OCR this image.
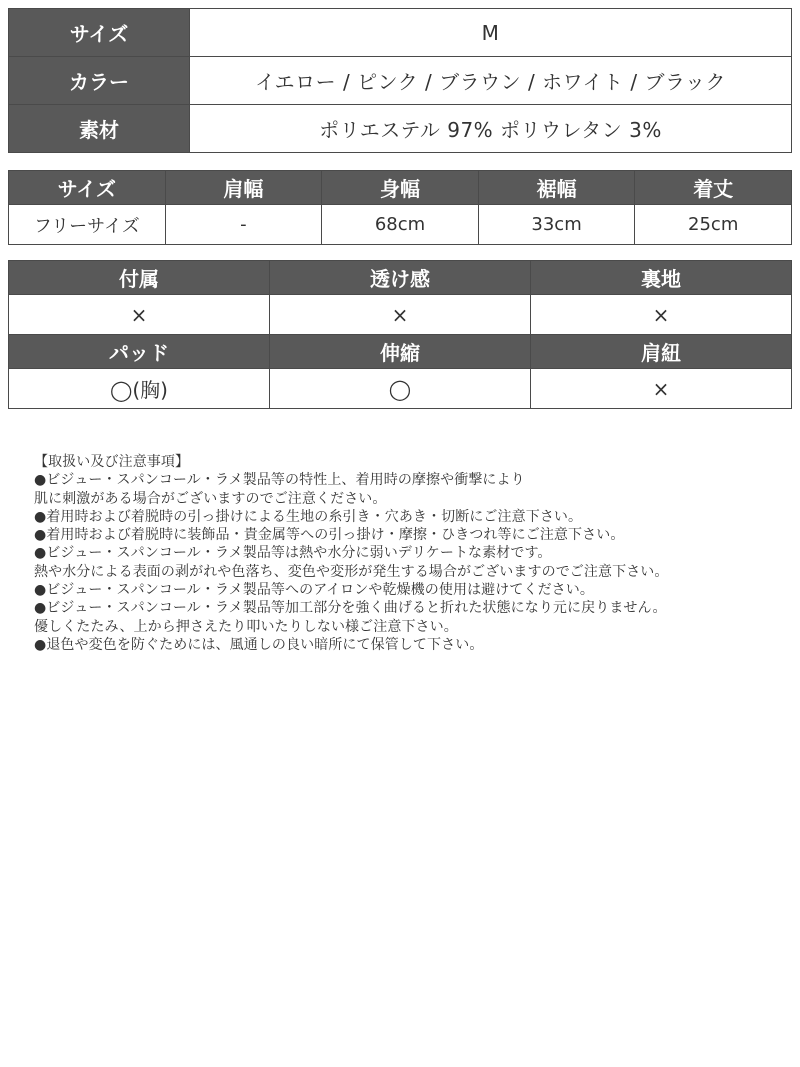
サイズ	M
カラー	イエロー / ピンク / ブラウン / ホワイト / ブラック
素材	ポリエステル 97% ポリウレタン 3%
サイズ	肩幅	身幅	裾幅	着丈
フリーサイズ	-	68cm	33cm	25cm
付属	透け感	裏地
×	×	×
パッド	伸縮	肩紐
◯(胸)	◯	×
【取扱い及び注意事項】
●ビジュー・スパンコール・ラメ製品等の特性上、着用時の摩擦や衝撃により
肌に刺激がある場合がございますのでご注意ください。
●着用時および着脱時の引っ掛けによる生地の糸引き・穴あき・切断にご注意下さい。
●着用時および着脱時に装飾品・貴金属等への引っ掛け・摩擦・ひきつれ等にご注意下さい。
●ビジュー・スパンコール・ラメ製品等は熱や水分に弱いデリケートな素材です。
熱や水分による表面の剥がれや色落ち、変色や変形が発生する場合がございますのでご注意下さい。
●ビジュー・スパンコール・ラメ製品等へのアイロンや乾燥機の使用は避けてください。
●ビジュー・スパンコール・ラメ製品等加工部分を強く曲げると折れた状態になり元に戻りません。
優しくたたみ、上から押さえたり叩いたりしない様ご注意下さい。
●退色や変色を防ぐためには、風通しの良い暗所にて保管して下さい。
